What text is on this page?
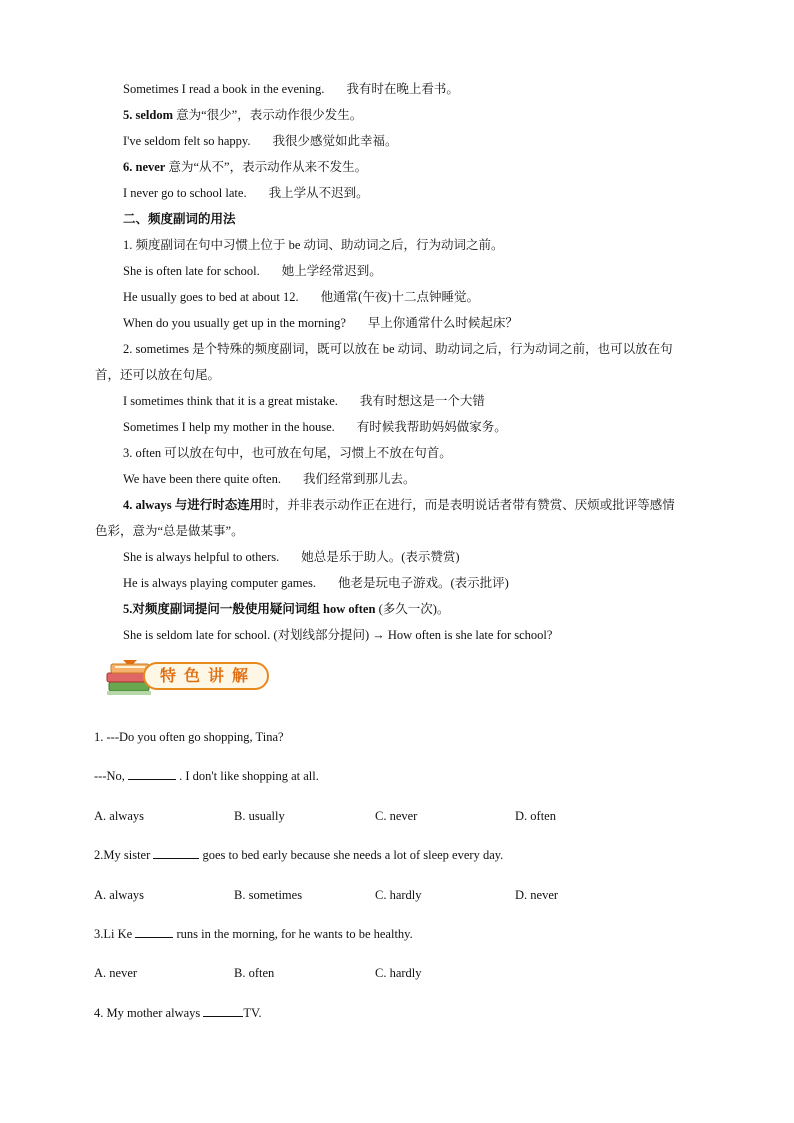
Sometimes I read a book in the evening. 我有时在晚上看书。
5. seldom 意为“很少”，表示动作很少发生。
I've seldom felt so happy. 我很少感觉如此幸福。
6. never 意为“从不”，表示动作从来不发生。
I never go to school late. 我上学从不迟到。
二、频度副词的用法
1. 频度副词在句中习惯上位于 be 动词、助动词之后，行为动词之前。
She is often late for school. 她上学经常迟到。
He usually goes to bed at about 12. 他通常(午夜)十二点钟睡觉。
When do you usually get up in the morning? 早上你通常什么时候起床？
2. sometimes 是个特殊的频度副词，既可以放在 be 动词、助动词之后，行为动词之前，也可以放在句首，还可以放在句尾。
I sometimes think that it is a great mistake. 我有时想这是一个大错
Sometimes I help my mother in the house. 有时候我帮助妈妈做家务。
3. often 可以放在句中，也可放在句尾，习惯上不放在句首。
We have been there quite often. 我们经常到那儿去。
4. always 与进行时态连用时，并非表示动作正在进行，而是表明说话者带有赞赏、厌烦或批评等感情色彩，意为“总是做某事”。
She is always helpful to others. 她总是乐于助人。(表示赞赏)
He is always playing computer games. 他老是玩电子游戏。(表示批评)
5.对频度副词提问一般使用疑问词组 how often (多久一次)。
She is seldom late for school. (对划线部分提问) → How often is she late for school?
特色讲解
1. ---Do you often go shopping, Tina?
---No,	. I don't like shopping at all.
A. always	B. usually	C. never	D. often
2.My sister	goes to bed early because she needs a lot of sleep every day.
A. always	B. sometimes	C. hardly	D. never
3.Li Ke	runs in the morning, for he wants to be healthy.
A. never	B. often	C. hardly
4. My mother always	TV.
